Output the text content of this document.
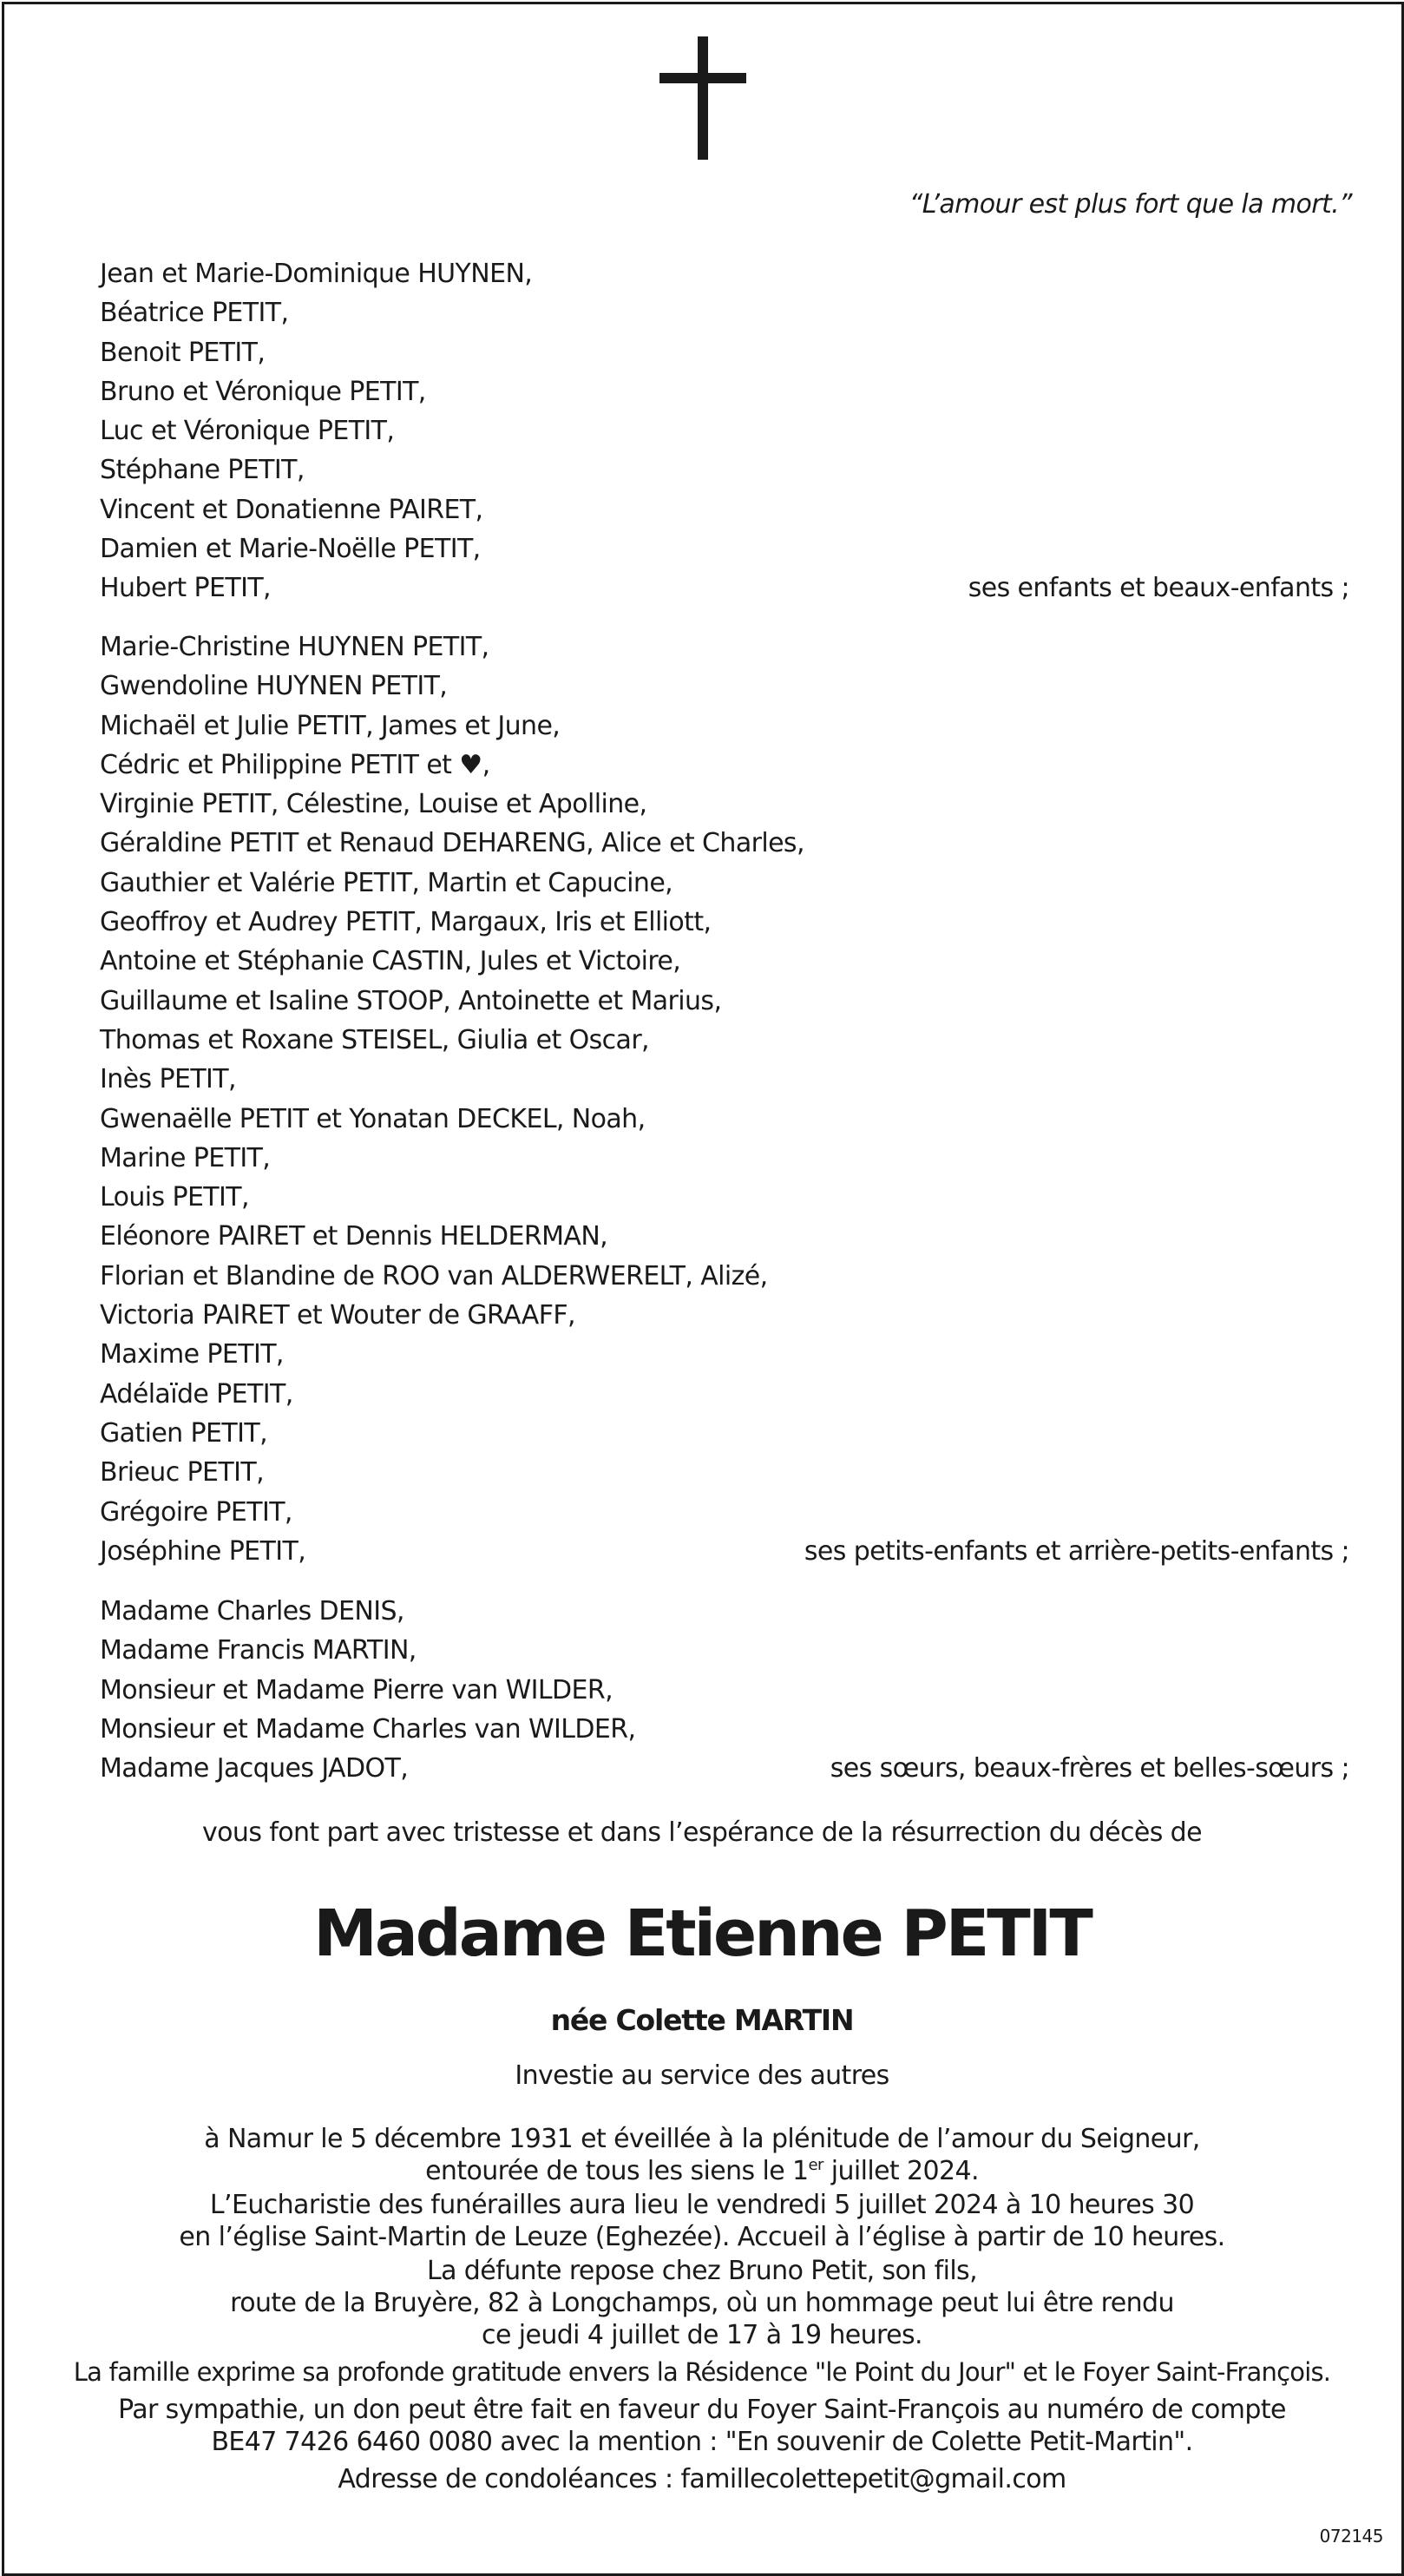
“L’amour est plus fort que la mort.”
Jean et Marie-Dominique HUYNEN,
Béatrice PETIT,
Benoit PETIT,
Bruno et Véronique PETIT,
Luc et Véronique PETIT,
Stéphane PETIT,
Vincent et Donatienne PAIRET,
Damien et Marie-Noëlle PETIT,
Hubert PETIT,	ses enfants et beaux-enfants ;
Marie-Christine HUYNEN PETIT,
Gwendoline HUYNEN PETIT,
Michaël et Julie PETIT, James et June,
Cédric et Philippine PETIT et ♥,
Virginie PETIT, Célestine, Louise et Apolline,
Géraldine PETIT et Renaud DEHARENG, Alice et Charles,
Gauthier et Valérie PETIT, Martin et Capucine,
Geoffroy et Audrey PETIT, Margaux, Iris et Elliott,
Antoine et Stéphanie CASTIN, Jules et Victoire,
Guillaume et Isaline STOOP, Antoinette et Marius,
Thomas et Roxane STEISEL, Giulia et Oscar,
Inès PETIT,
Gwenaëlle PETIT et Yonatan DECKEL, Noah,
Marine PETIT,
Louis PETIT,
Eléonore PAIRET et Dennis HELDERMAN,
Florian et Blandine de ROO van ALDERWERELT, Alizé,
Victoria PAIRET et Wouter de GRAAFF,
Maxime PETIT,
Adélaïde PETIT,
Gatien PETIT,
Brieuc PETIT,
Grégoire PETIT,
Joséphine PETIT,	ses petits-enfants et arrière-petits-enfants ;
Madame Charles DENIS,
Madame Francis MARTIN,
Monsieur et Madame Pierre van WILDER,
Monsieur et Madame Charles van WILDER,
Madame Jacques JADOT,	ses sœurs, beaux-frères et belles-sœurs ;
vous font part avec tristesse et dans l’espérance de la résurrection du décès de
Madame Etienne PETIT
née Colette MARTIN
Investie au service des autres
à Namur le 5 décembre 1931 et éveillée à la plénitude de l’amour du Seigneur,
entourée de tous les siens le 1er juillet 2024.
L’Eucharistie des funérailles aura lieu le vendredi 5 juillet 2024 à 10 heures 30
en l’église Saint-Martin de Leuze (Eghezée). Accueil à l’église à partir de 10 heures.
La défunte repose chez Bruno Petit, son fils,
route de la Bruyère, 82 à Longchamps, où un hommage peut lui être rendu
ce jeudi 4 juillet de 17 à 19 heures.
La famille exprime sa profonde gratitude envers la Résidence "le Point du Jour" et le Foyer Saint-François.
Par sympathie, un don peut être fait en faveur du Foyer Saint-François au numéro de compte
BE47 7426 6460 0080 avec la mention : "En souvenir de Colette Petit-Martin".
Adresse de condoléances : famillecolettepetit@gmail.com
072145
